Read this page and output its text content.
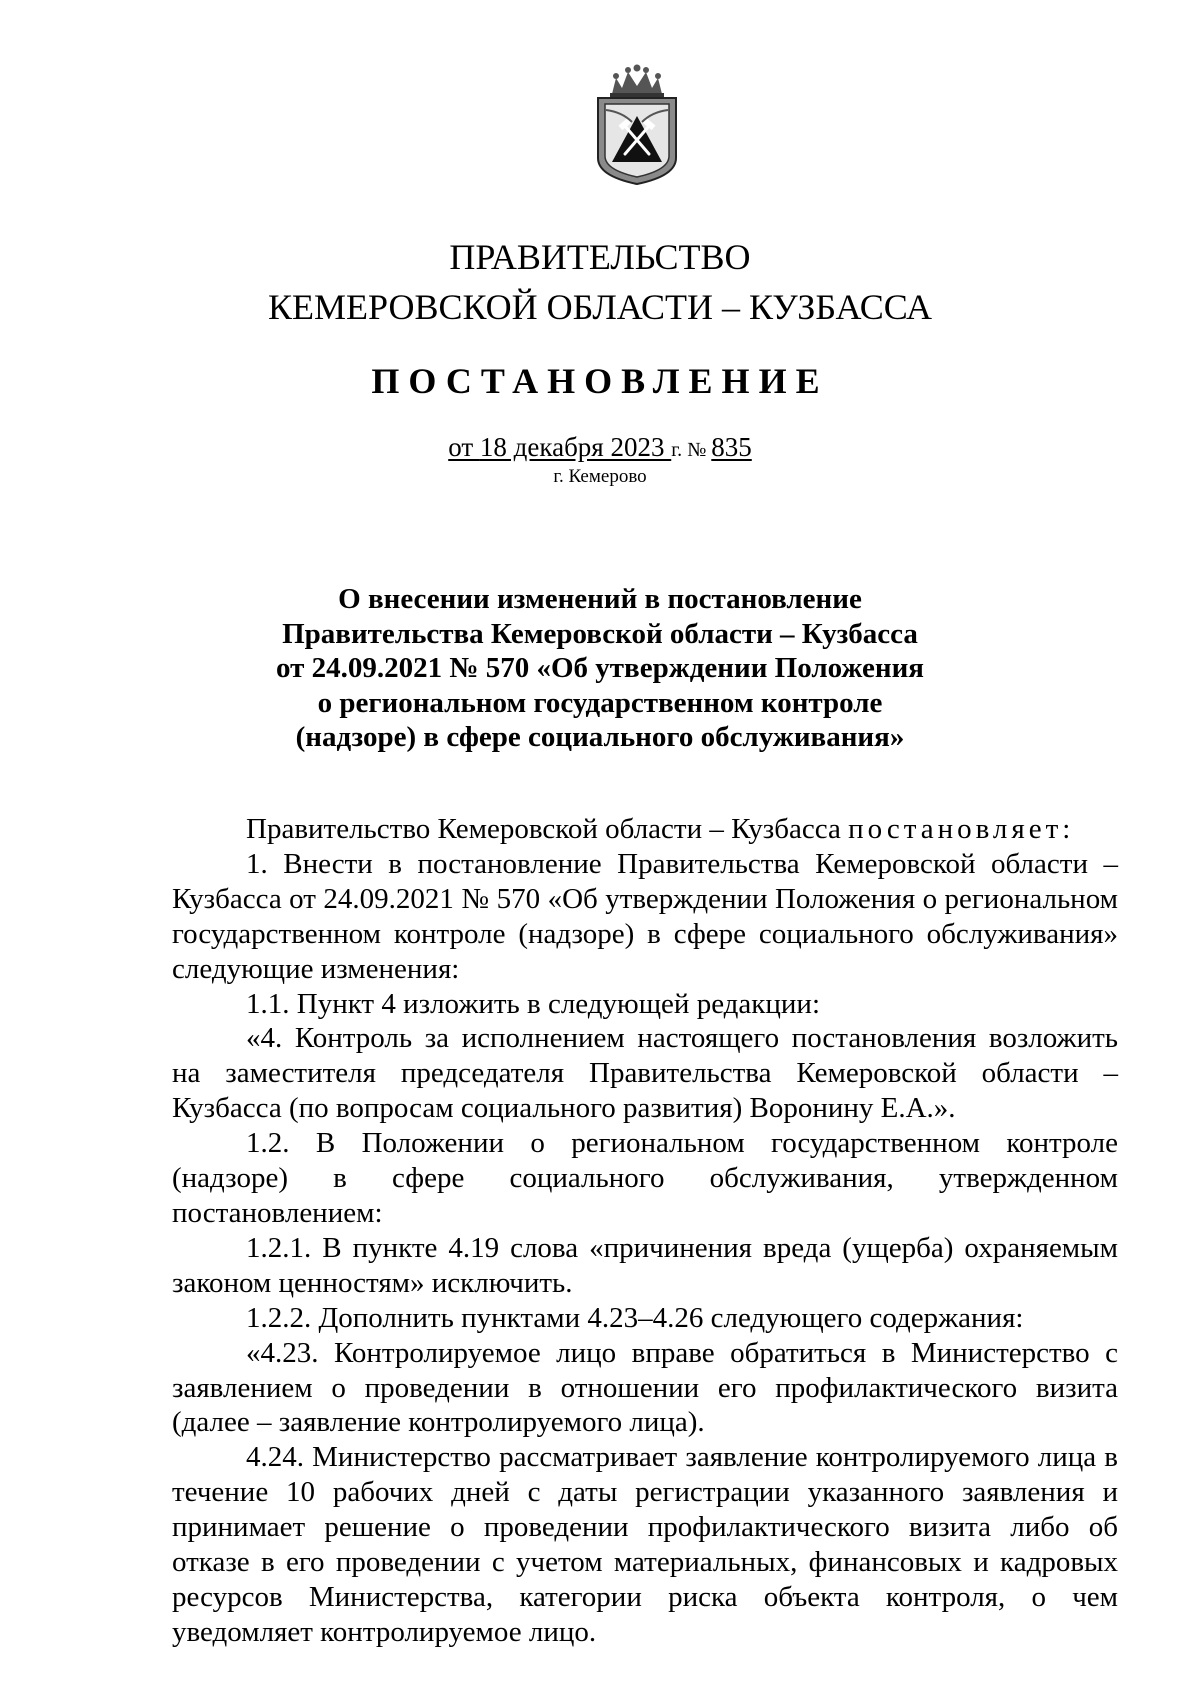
ПРАВИТЕЛЬСТВО
КЕМЕРОВСКОЙ ОБЛАСТИ – КУЗБАССА
ПОСТАНОВЛЕНИЕ
от 18 декабря 2023 г. № 835
г. Кемерово
О внесении изменений в постановление
Правительства Кемеровской области – Кузбасса
от 24.09.2021 № 570 «Об утверждении Положения
о региональном государственном контроле
(надзоре) в сфере социального обслуживания»

Правительство Кемеровской области – Кузбасса постановляет:

1. Внести в постановление Правительства Кемеровской области – Кузбасса от 24.09.2021 № 570 «Об утверждении Положения о региональном государственном контроле (надзоре) в сфере социального обслуживания» следующие изменения:

1.1. Пункт 4 изложить в следующей редакции:

«4. Контроль за исполнением настоящего постановления возложить на заместителя председателя Правительства Кемеровской области – Кузбасса (по вопросам социального развития) Воронину Е.А.».

1.2. В Положении о региональном государственном контроле (надзоре) в сфере социального обслуживания, утвержденном постановлением:

1.2.1. В пункте 4.19 слова «причинения вреда (ущерба) охраняемым законом ценностям» исключить.

1.2.2. Дополнить пунктами 4.23–4.26 следующего содержания:

«4.23. Контролируемое лицо вправе обратиться в Министерство с заявлением о проведении в отношении его профилактического визита (далее – заявление контролируемого лица).

4.24. Министерство рассматривает заявление контролируемого лица в течение 10 рабочих дней с даты регистрации указанного заявления и принимает решение о проведении профилактического визита либо об отказе в его проведении с учетом материальных, финансовых и кадровых ресурсов Министерства, категории риска объекта контроля, о чем уведомляет контролируемое лицо.
